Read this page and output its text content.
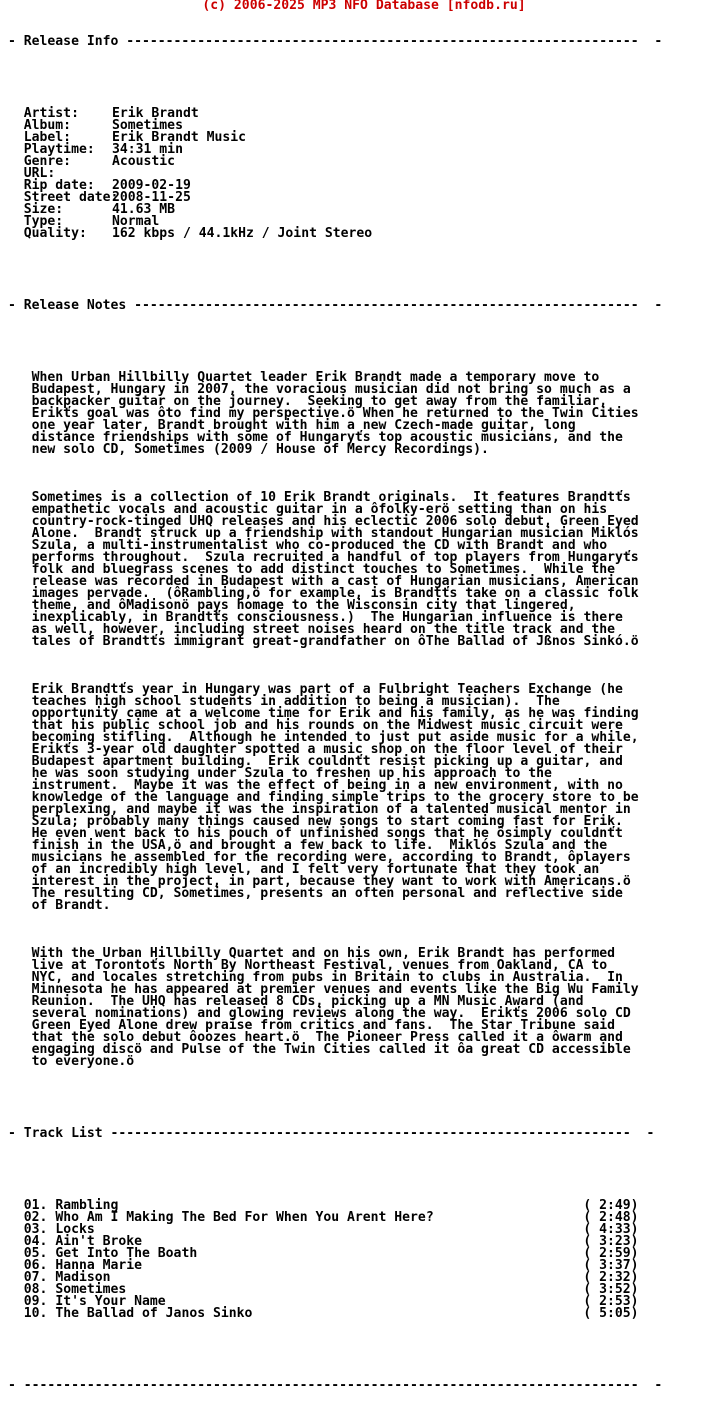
(c) 2006-2025 MP3 NFO Database [nfodb.ru]

- Release Info -----------------------------------------------------------------  -

Artist:	Erik Brandt
Album:	Sometimes
Label:	Erik Brandt Music
Playtime: 34:31 min
Genre:	Acoustic
URL:
Rip date: 2009-02-19
Street date:2008-11-25
Size:	41.63 MB
Type:	Normal
Quality: 162 kbps / 44.1kHz / Joint Stereo

- Release Notes ----------------------------------------------------------------  -

When Urban Hillbilly Quartet leader Erik Brandt made a temporary move to
Budapest, Hungary in 2007, the voracious musician did not bring so much as a
backpacker guitar on the journey.  Seeking to get away from the familiar,
Erikťs goal was ôto find my perspective.ö When he returned to the Twin Cities
one year later, Brandt brought with him a new Czech-made guitar, long
distance friendships with some of Hungaryťs top acoustic musicians, and the
new solo CD, Sometimes (2009 / House of Mercy Recordings).
Sometimes is a collection of 10 Erik Brandt originals.  It features Brandtťs
empathetic vocals and acoustic guitar in a ôfolky-erö setting than on his
country-rock-tinged UHQ releases and his eclectic 2006 solo debut, Green Eyed
Alone.  Brandt struck up a friendship with standout Hungarian musician Miklós
Szula, a multi-instrumentalist who co-produced the CD with Brandt and who
performs throughout.  Szula recruited a handful of top players from Hungaryťs
folk and bluegrass scenes to add distinct touches to Sometimes.  While the
release was recorded in Budapest with a cast of Hungarian musicians, American
images pervade.  (ôRambling,ö for example, is Brandtťs take on a classic folk
theme, and ôMadisonö pays homage to the Wisconsin city that lingered,
inexplicably, in Brandtťs consciousness.)  The Hungarian influence is there
as well, however, including street noises heard on the title track and the
tales of Brandtťs immigrant great-grandfather on ôThe Ballad of Jßnos Sinkó.ö
Erik Brandtťs year in Hungary was part of a Fulbright Teachers Exchange (he
teaches high school students in addition to being a musician).  The
opportunity came at a welcome time for Erik and his family, as he was finding
that his public school job and his rounds on the Midwest music circuit were
becoming stifling.  Although he intended to just put aside music for a while,
Erikťs 3-year old daughter spotted a music shop on the floor level of their
Budapest apartment building.  Erik couldnťt resist picking up a guitar, and
he was soon studying under Szula to freshen up his approach to the
instrument.  Maybe it was the effect of being in a new environment, with no
knowledge of the language and finding simple trips to the grocery store to be
perplexing, and maybe it was the inspiration of a talented musical mentor in
Szula; probably many things caused new songs to start coming fast for Erik.
He even went back to his pouch of unfinished songs that he ôsimply couldnťt
finish in the USA,ö and brought a few back to life.  Miklós Szula and the
musicians he assembled for the recording were, according to Brandt, ôplayers
of an incredibly high level, and I felt very fortunate that they took an
interest in the project, in part, because they want to work with Americans.ö
The resulting CD, Sometimes, presents an often personal and reflective side
of Brandt.
With the Urban Hillbilly Quartet and on his own, Erik Brandt has performed
live at Torontoťs North By Northeast Festival, venues from Oakland, CA to
NYC, and locales stretching from pubs in Britain to clubs in Australia.  In
Minnesota he has appeared at premier venues and events like the Big Wu Family
Reunion.  The UHQ has released 8 CDs, picking up a MN Music Award (and
several nominations) and glowing reviews along the way.  Erikťs 2006 solo CD
Green Eyed Alone drew praise from critics and fans.  The Star Tribune said
that the solo debut ôoozes heart.ö  The Pioneer Press called it a ôwarm and
engaging discö and Pulse of the Twin Cities called it ôa great CD accessible
to everyone.ö

- Track List ------------------------------------------------------------------  -

01. Rambling	( 2:49)
02. Who Am I Making The Bed For When You Arent Here?	( 2:48)
03. Locks	( 4:33)
04. Ain't Broke	( 3:23)
05. Get Into The Boath	( 2:59)
06. Hanna Marie	( 3:37)
07. Madison	( 2:32)
08. Sometimes	( 3:52)
09. It's Your Name	( 2:53)
10. The Ballad of Janos Sinko	( 5:05)

- ------------------------------------------------------------------------------  -
